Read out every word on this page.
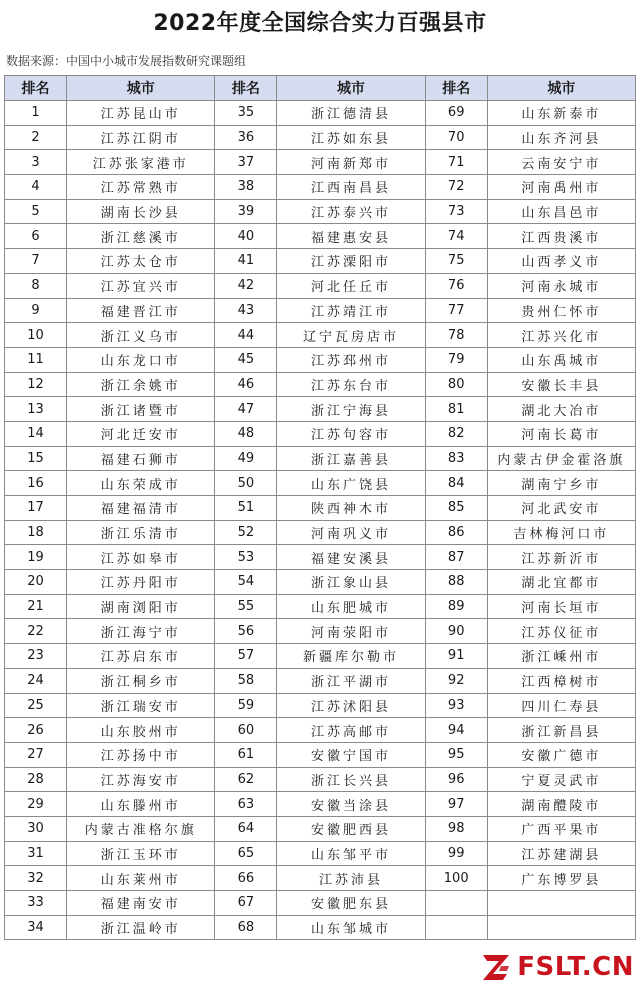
2022年度全国综合实力百强县市
数据来源：中国中小城市发展指数研究课题组
排名	城市	排名	城市	排名	城市
1	江苏昆山市	35	浙江德清县	69	山东新泰市
2	江苏江阴市	36	江苏如东县	70	山东齐河县
3	江苏张家港市	37	河南新郑市	71	云南安宁市
4	江苏常熟市	38	江西南昌县	72	河南禹州市
5	湖南长沙县	39	江苏泰兴市	73	山东昌邑市
6	浙江慈溪市	40	福建惠安县	74	江西贵溪市
7	江苏太仓市	41	江苏溧阳市	75	山西孝义市
8	江苏宜兴市	42	河北任丘市	76	河南永城市
9	福建晋江市	43	江苏靖江市	77	贵州仁怀市
10	浙江义乌市	44	辽宁瓦房店市	78	江苏兴化市
11	山东龙口市	45	江苏邳州市	79	山东禹城市
12	浙江余姚市	46	江苏东台市	80	安徽长丰县
13	浙江诸暨市	47	浙江宁海县	81	湖北大冶市
14	河北迁安市	48	江苏句容市	82	河南长葛市
15	福建石狮市	49	浙江嘉善县	83	内蒙古伊金霍洛旗
16	山东荣成市	50	山东广饶县	84	湖南宁乡市
17	福建福清市	51	陕西神木市	85	河北武安市
18	浙江乐清市	52	河南巩义市	86	吉林梅河口市
19	江苏如皋市	53	福建安溪县	87	江苏新沂市
20	江苏丹阳市	54	浙江象山县	88	湖北宜都市
21	湖南浏阳市	55	山东肥城市	89	河南长垣市
22	浙江海宁市	56	河南荥阳市	90	江苏仪征市
23	江苏启东市	57	新疆库尔勒市	91	浙江嵊州市
24	浙江桐乡市	58	浙江平湖市	92	江西樟树市
25	浙江瑞安市	59	江苏沭阳县	93	四川仁寿县
26	山东胶州市	60	江苏高邮市	94	浙江新昌县
27	江苏扬中市	61	安徽宁国市	95	安徽广德市
28	江苏海安市	62	浙江长兴县	96	宁夏灵武市
29	山东滕州市	63	安徽当涂县	97	湖南醴陵市
30	内蒙古准格尔旗	64	安徽肥西县	98	广西平果市
31	浙江玉环市	65	山东邹平市	99	江苏建湖县
32	山东莱州市	66	江苏沛县	100	广东博罗县
33	福建南安市	67	安徽肥东县		
34	浙江温岭市	68	山东邹城市		
FSLT.CN
